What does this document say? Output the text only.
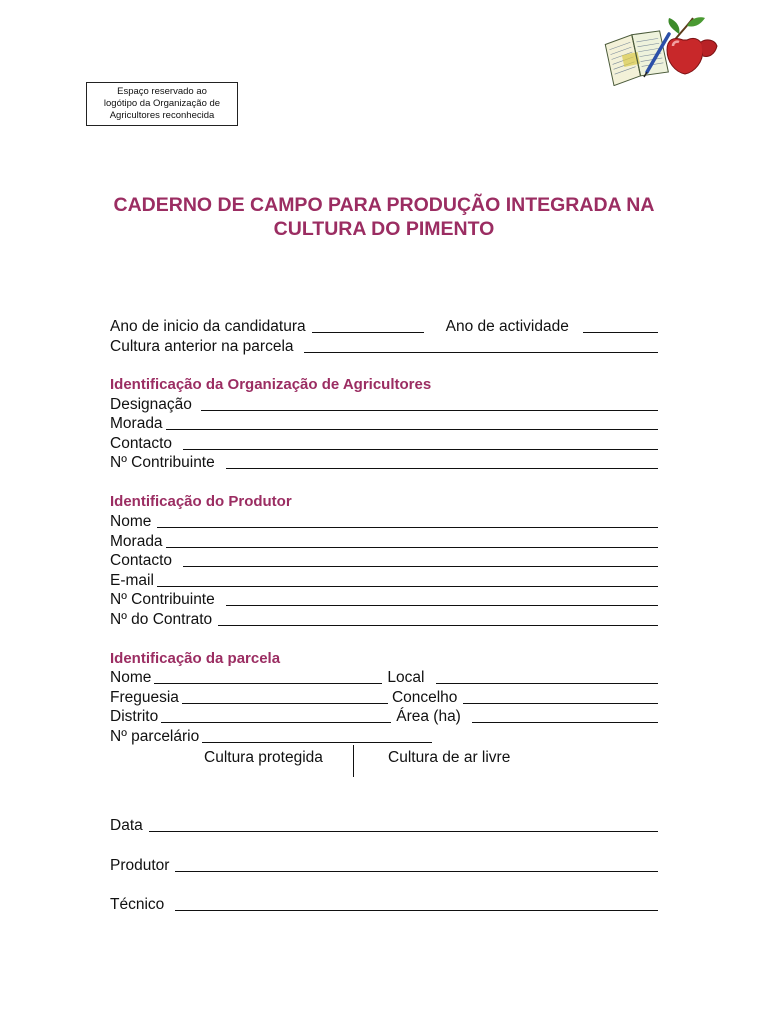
Espaço reservado ao
logótipo da Organização de
Agricultores reconhecida
CADERNO DE CAMPO PARA PRODUÇÃO INTEGRADA NA
CULTURA DO PIMENTO
Ano de inicio da candidatura	Ano de actividade
Cultura anterior na parcela
Identificação da Organização de Agricultores
Designação
Morada
Contacto
Nº Contribuinte
Identificação do Produtor
Nome
Morada
Contacto
E-mail
Nº Contribuinte
Nº do Contrato
Identificação da parcela
Nome	Local
Freguesia	Concelho
Distrito	Área (ha)
Nº parcelário
Cultura protegida	Cultura de ar livre
Data
Produtor
Técnico
